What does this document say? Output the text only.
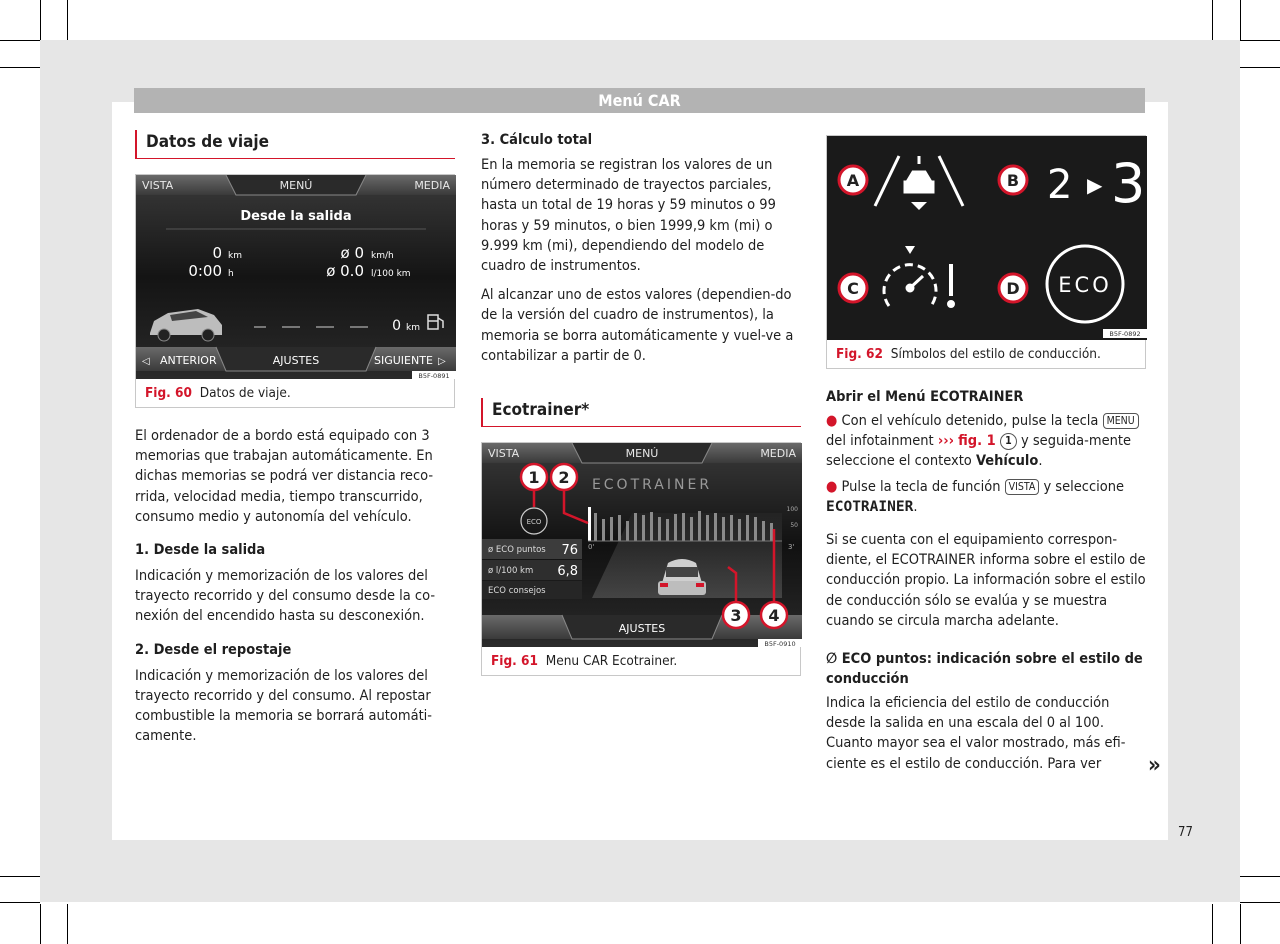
Menú CAR
Datos de viaje
VISTA	MENÚ	MEDIA
Desde la salida
0 km
0:00 h
ø 0 km/h
ø 0.0 l/100 km
0 km
◁ ANTERIOR	AJUSTES	SIGUIENTE ▷
B5F-0891
Fig. 60 Datos de viaje.

El ordenador de a bordo está equipado con 3 memorias que trabajan automáticamente. En dichas memorias se podrá ver distancia reco-rrida, velocidad media, tiempo transcurrido, consumo medio y autonomía del vehículo.

1. Desde la salida

Indicación y memorización de los valores del trayecto recorrido y del consumo desde la co-nexión del encendido hasta su desconexión.

2. Desde el repostaje

Indicación y memorización de los valores del trayecto recorrido y del consumo. Al repostar combustible la memoria se borrará automáti-camente.

3. Cálculo total

En la memoria se registran los valores de un número determinado de trayectos parciales, hasta un total de 19 horas y 59 minutos o 99 horas y 59 minutos, o bien 1999,9 km (mi) o 9.999 km (mi), dependiendo del modelo de cuadro de instrumentos.

Al alcanzar uno de estos valores (dependien-do de la versión del cuadro de instrumentos), la memoria se borra automáticamente y vuel-ve a contabilizar a partir de 0.

Ecotrainer*
VISTA	MENÚ	MEDIA
ECOTRAINER
100
50
0'	3'
ECO
ø ECO puntos 76
ø l/100 km 6,8
ECO consejos
AJUSTES
1 2
3 4
B5F-0910
Fig. 61 Menu CAR Ecotrainer.
A	B 2 ▶ 3
C	D ECO
B5F-0892
Fig. 62 Símbolos del estilo de conducción.
Abrir el Menú ECOTRAINER

● Con el vehículo detenido, pulse la tecla MENU del infotainment ››› fig. 1 1 y seguida-mente seleccione el contexto Vehículo.

● Pulse la tecla de función VISTA y seleccione ECOTRAINER.

Si se cuenta con el equipamiento correspon-diente, el ECOTRAINER informa sobre el estilo de conducción propio. La información sobre el estilo de conducción sólo se evalúa y se muestra cuando se circula marcha adelante.

∅ ECO puntos: indicación sobre el estilo de conducción

Indica la eficiencia del estilo de conducción desde la salida en una escala del 0 al 100. Cuanto mayor sea el valor mostrado, más efi-ciente es el estilo de conducción. Para ver	»
77
